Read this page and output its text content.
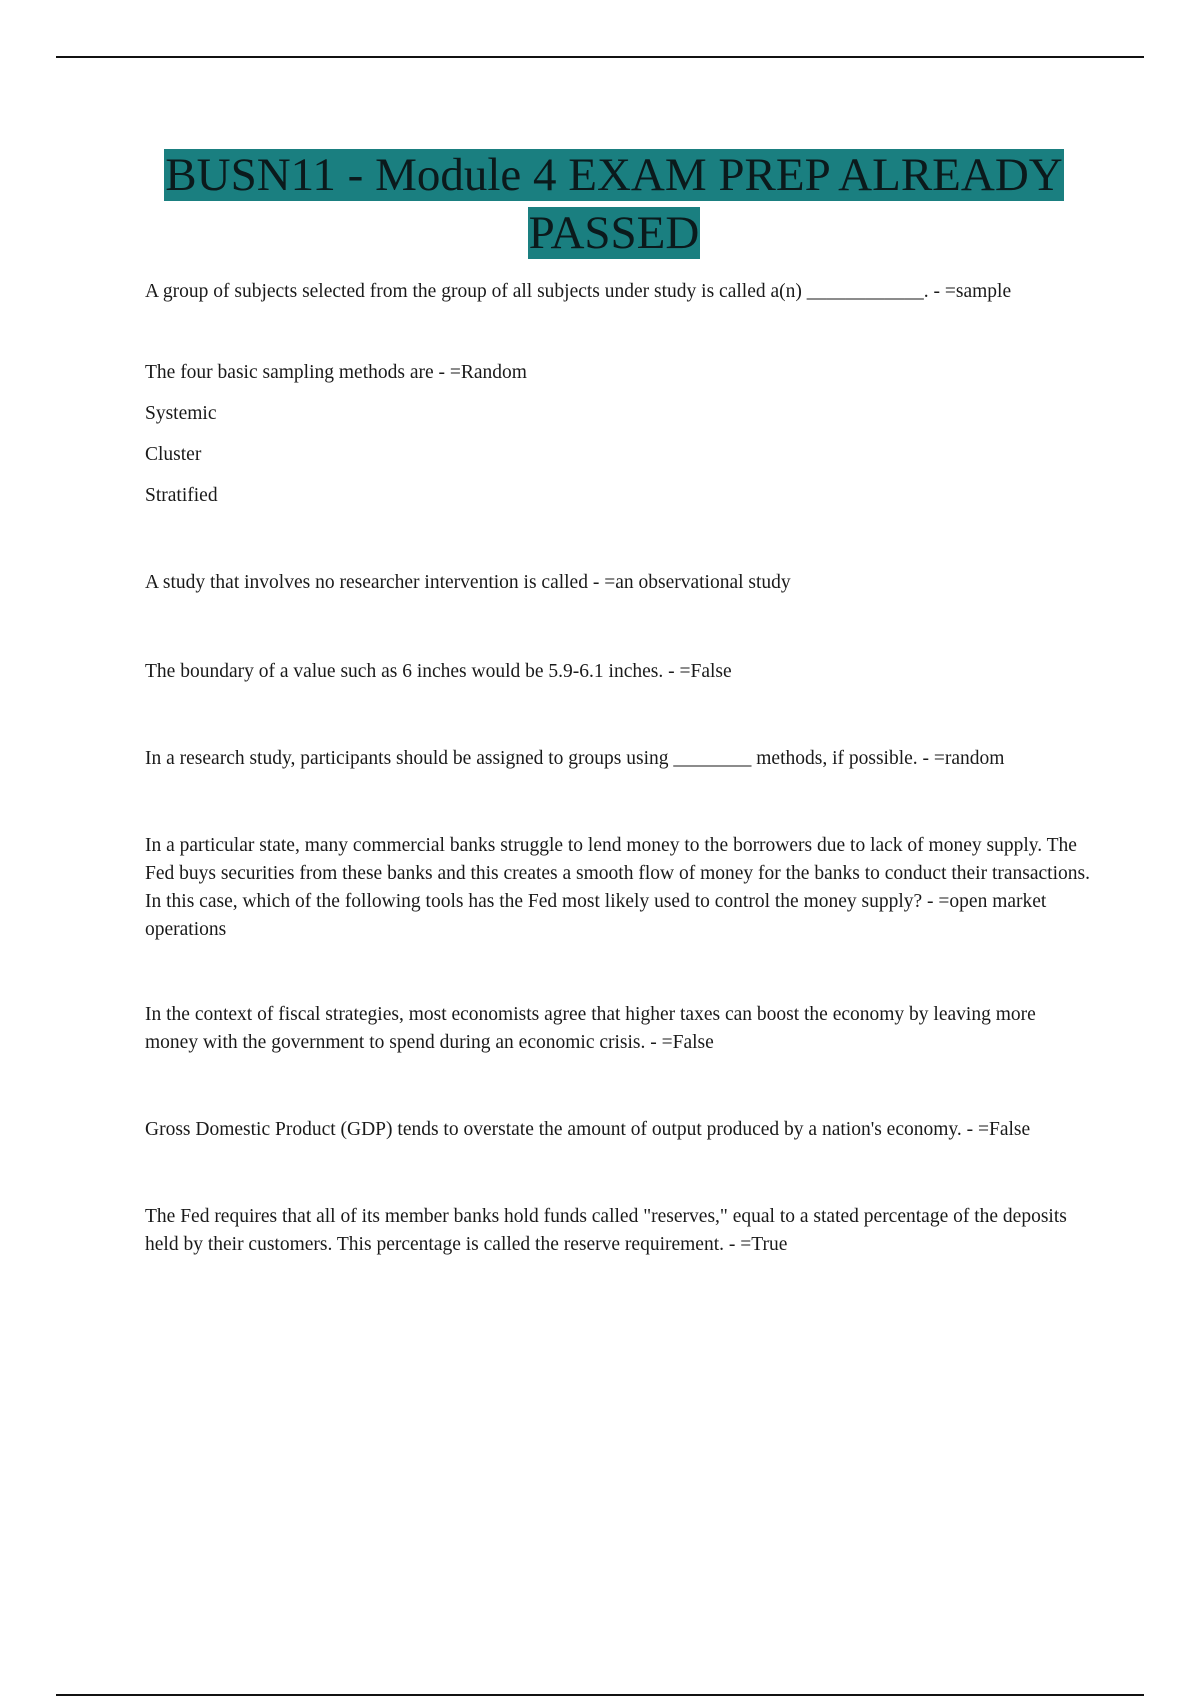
BUSN11 - Module 4 EXAM PREP ALREADY PASSED

A group of subjects selected from the group of all subjects under study is called a(n) ____________. - =sample

The four basic sampling methods are - =Random

Systemic

Cluster

Stratified

A study that involves no researcher intervention is called - =an observational study

The boundary of a value such as 6 inches would be 5.9-6.1 inches. - =False

In a research study, participants should be assigned to groups using ________ methods, if possible. - =random

In a particular state, many commercial banks struggle to lend money to the borrowers due to lack of money supply. The Fed buys securities from these banks and this creates a smooth flow of money for the banks to conduct their transactions. In this case, which of the following tools has the Fed most likely used to control the money supply? - =open market operations

In the context of fiscal strategies, most economists agree that higher taxes can boost the economy by leaving more money with the government to spend during an economic crisis. - =False

Gross Domestic Product (GDP) tends to overstate the amount of output produced by a nation's economy. - =False

The Fed requires that all of its member banks hold funds called "reserves," equal to a stated percentage of the deposits held by their customers. This percentage is called the reserve requirement. - =True
